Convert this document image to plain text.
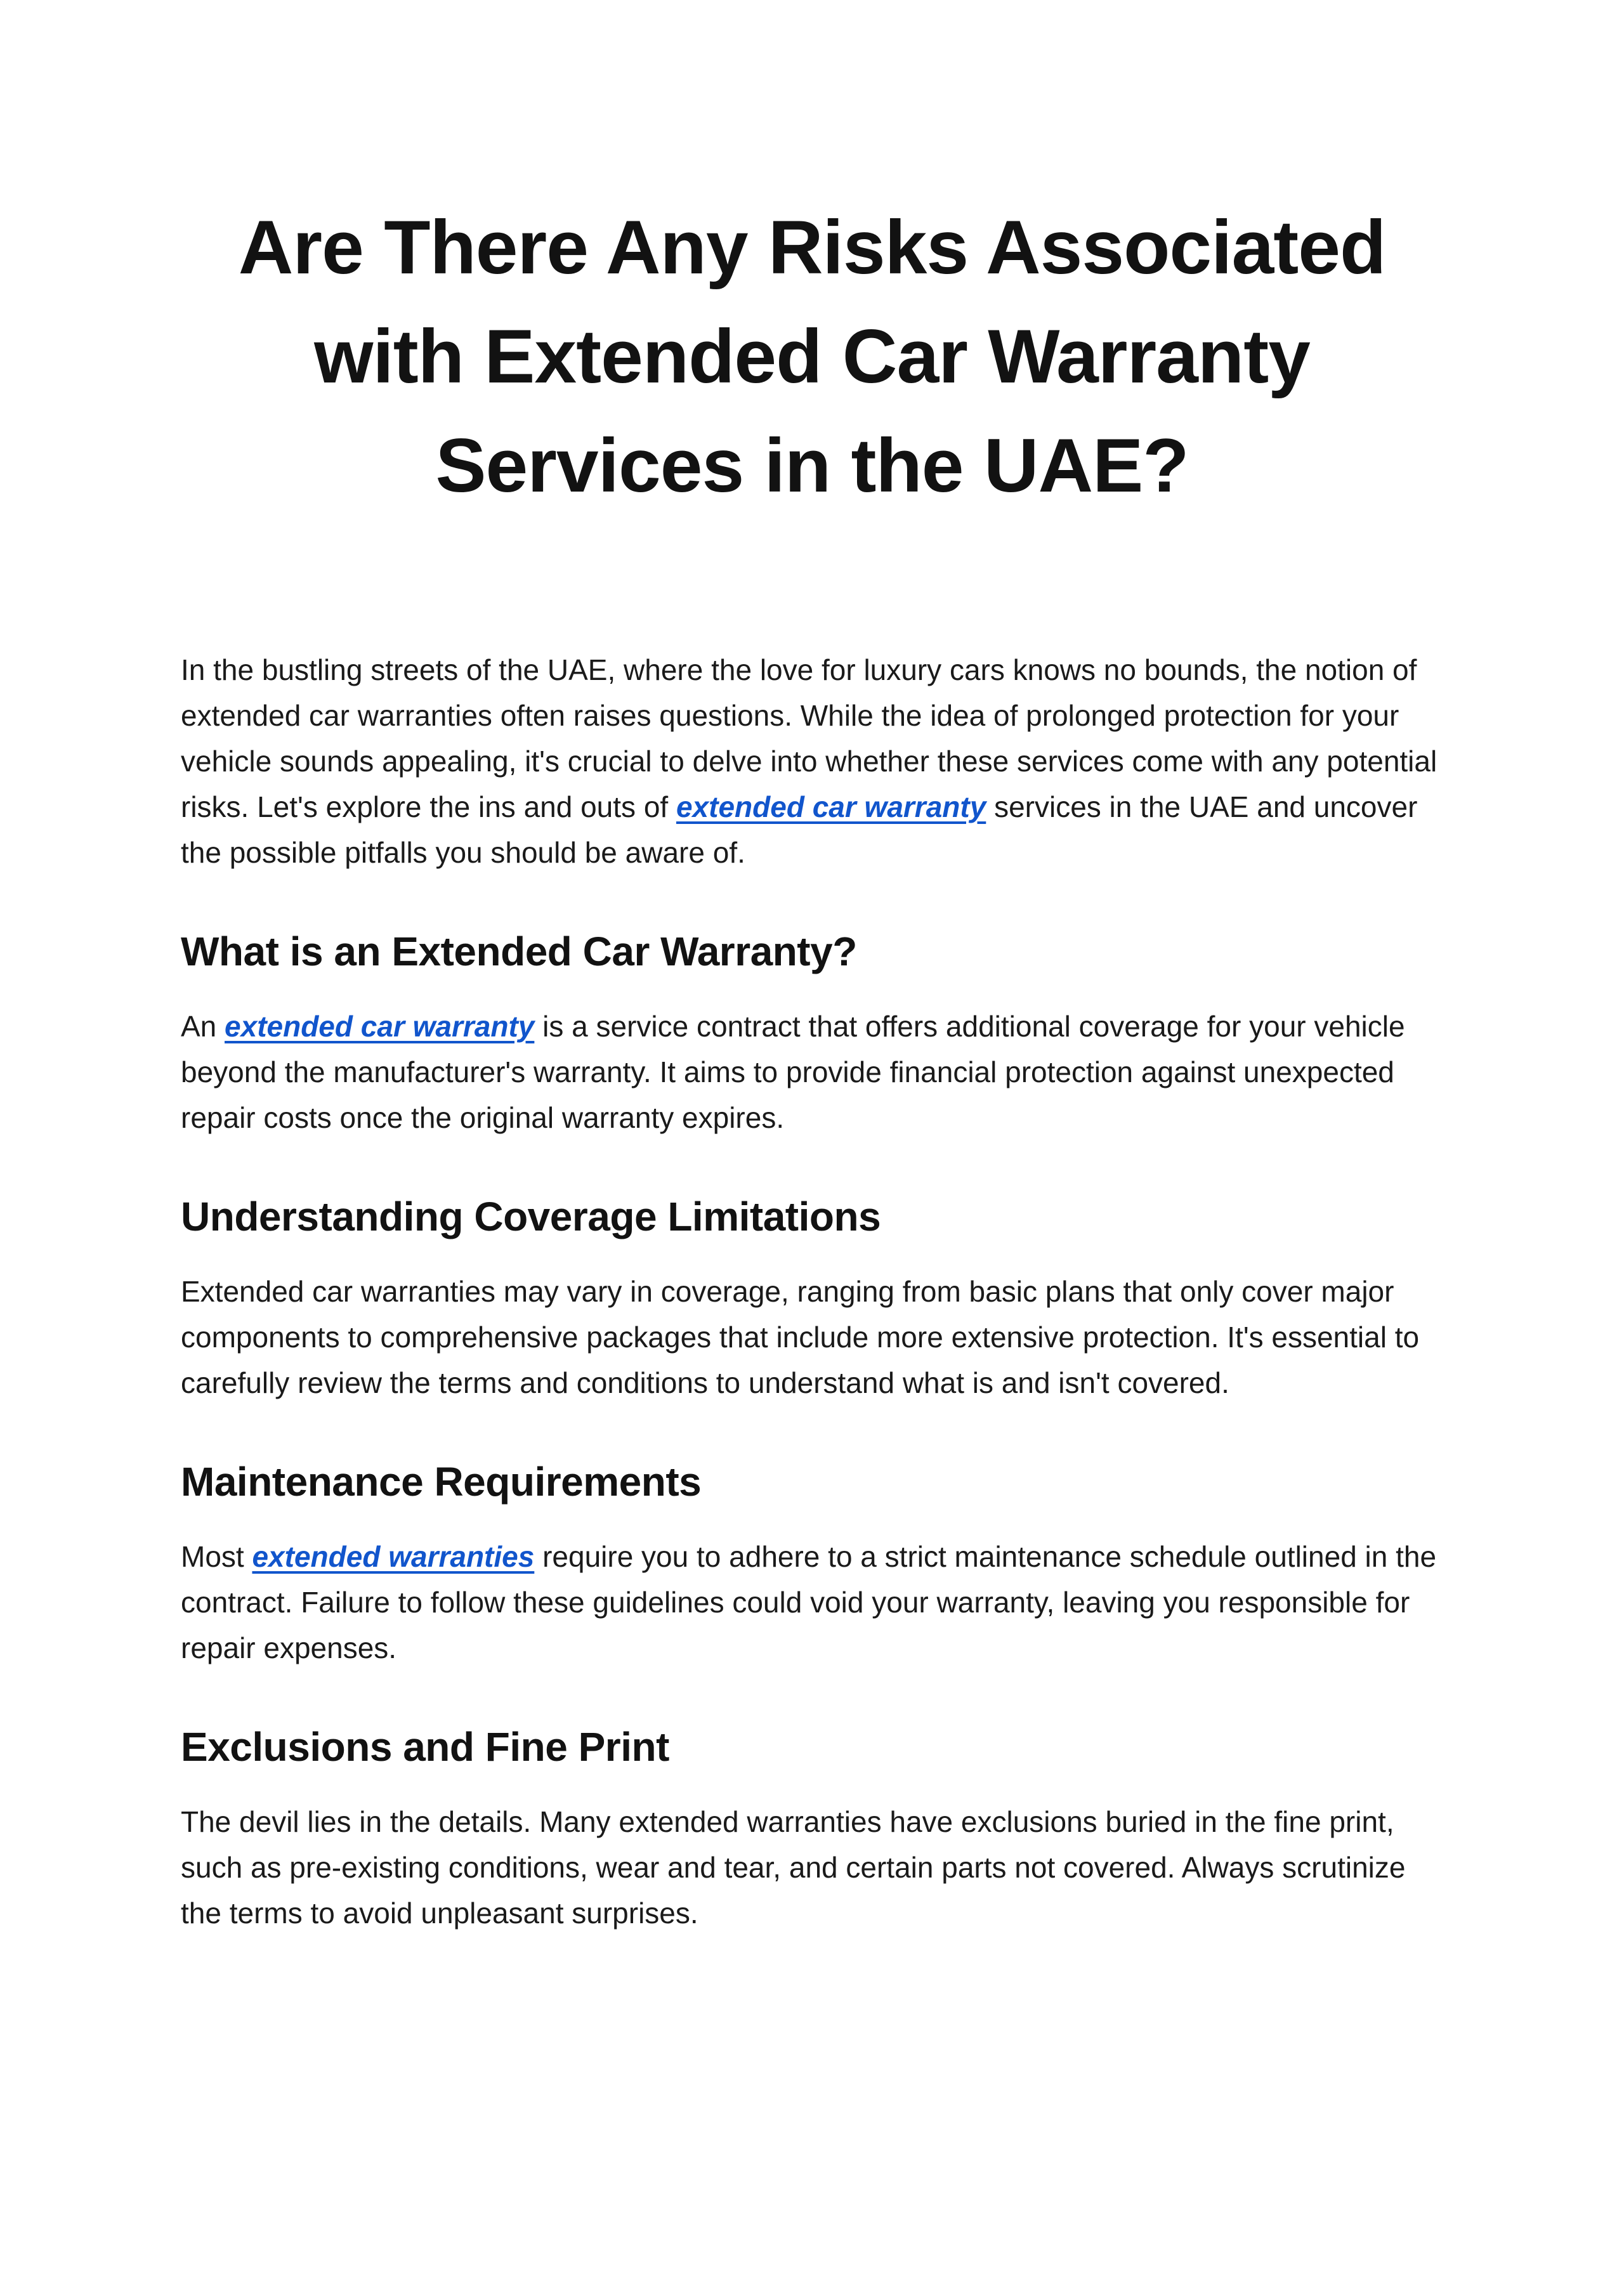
Are There Any Risks Associated
with Extended Car Warranty
Services in the UAE?

In the bustling streets of the UAE, where the love for luxury cars knows no bounds, the notion of extended car warranties often raises questions. While the idea of prolonged protection for your vehicle sounds appealing, it's crucial to delve into whether these services come with any potential risks. Let's explore the ins and outs of extended car warranty services in the UAE and uncover the possible pitfalls you should be aware of.

What is an Extended Car Warranty?

An extended car warranty is a service contract that offers additional coverage for your vehicle beyond the manufacturer's warranty. It aims to provide financial protection against unexpected repair costs once the original warranty expires.

Understanding Coverage Limitations

Extended car warranties may vary in coverage, ranging from basic plans that only cover major components to comprehensive packages that include more extensive protection. It's essential to carefully review the terms and conditions to understand what is and isn't covered.

Maintenance Requirements

Most extended warranties require you to adhere to a strict maintenance schedule outlined in the contract. Failure to follow these guidelines could void your warranty, leaving you responsible for repair expenses.

Exclusions and Fine Print

The devil lies in the details. Many extended warranties have exclusions buried in the fine print, such as pre-existing conditions, wear and tear, and certain parts not covered. Always scrutinize the terms to avoid unpleasant surprises.
